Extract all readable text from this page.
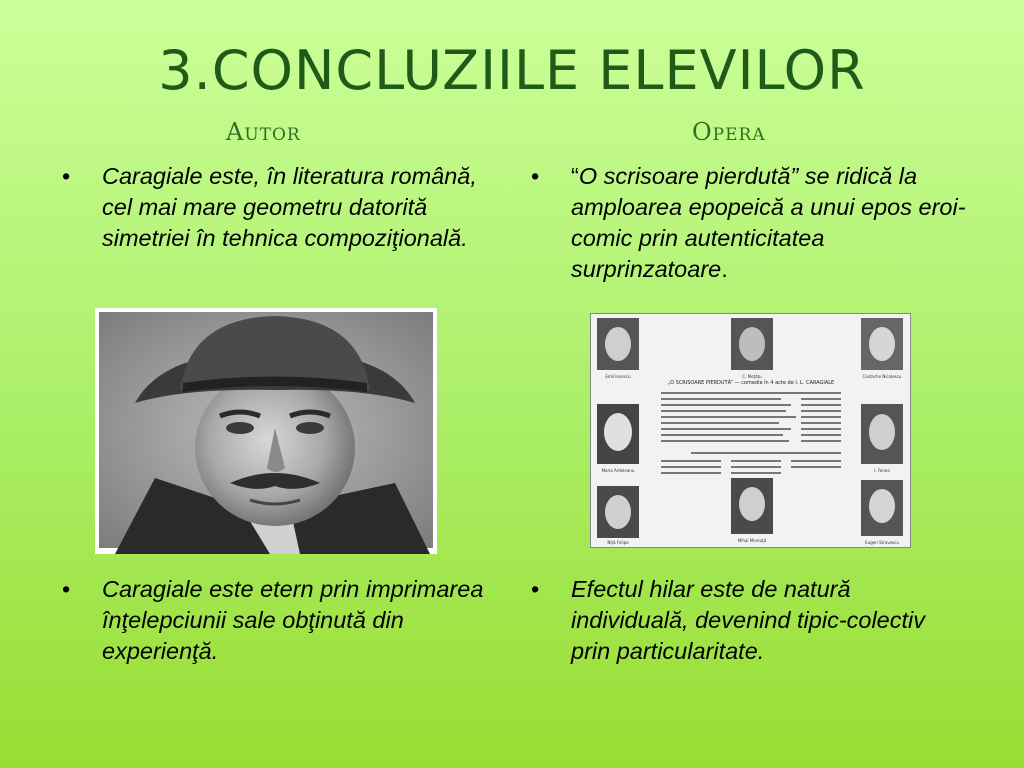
3.CONCLUZIILE ELEVILOR
Autor	Opera
• Caragiale este, în literatura română, cel mai mare geometru datorită simetriei în tehnica compoziţională.
• “O scrisoare pierdută” se ridică la amploarea epopeică a unui epos eroi-comic prin autenticitatea surprinzatoare.
„O SCRISOARE PIERDUTĂ” — comedie în 4 acte de I. L. CARAGIALE
Emil Ionescu	C. Moţăţu	Costache Nicolescu
Maria Ardeleanu	I. Fanea
Niţă Felipe	Mihai Mereuţă	Eugen Stravescu
• Caragiale este etern prin imprimarea înţelepciunii sale obţinută din experienţă.
• Efectul hilar este de natură individuală, devenind tipic-colectiv prin particularitate.
